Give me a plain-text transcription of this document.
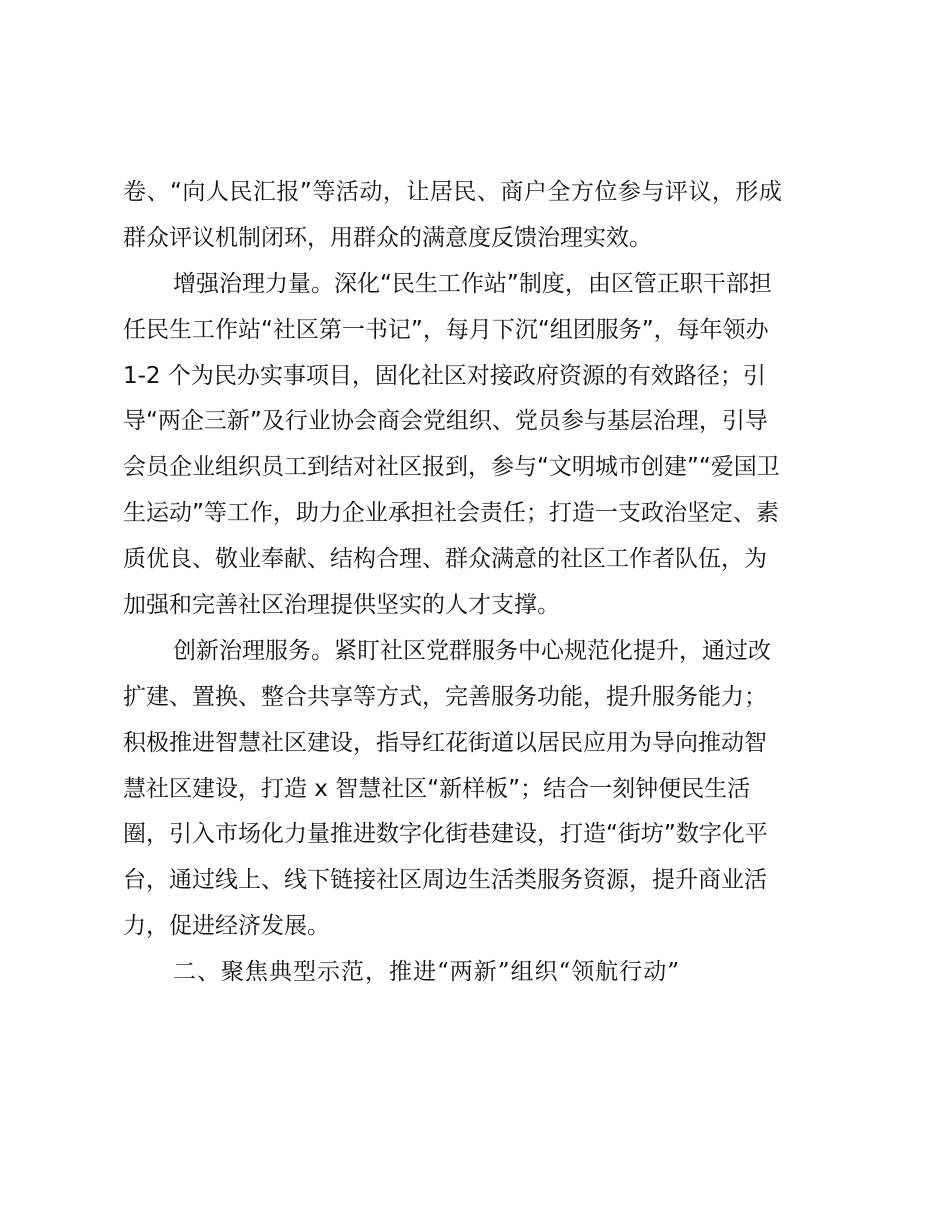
卷、“向人民汇报”等活动，让居民、商户全方位参与评议，形成
群众评议机制闭环，用群众的满意度反馈治理实效。
增强治理力量。深化“民生工作站”制度，由区管正职干部担
任民生工作站“社区第一书记”，每月下沉“组团服务”，每年领办
1-2 个为民办实事项目，固化社区对接政府资源的有效路径；引
导“两企三新”及行业协会商会党组织、党员参与基层治理，引导
会员企业组织员工到结对社区报到，参与“文明城市创建”“爱国卫
生运动”等工作，助力企业承担社会责任；打造一支政治坚定、素
质优良、敬业奉献、结构合理、群众满意的社区工作者队伍，为
加强和完善社区治理提供坚实的人才支撑。
创新治理服务。紧盯社区党群服务中心规范化提升，通过改
扩建、置换、整合共享等方式，完善服务功能，提升服务能力；
积极推进智慧社区建设，指导红花街道以居民应用为导向推动智
慧社区建设，打造 x 智慧社区“新样板”；结合一刻钟便民生活
圈，引入市场化力量推进数字化街巷建设，打造“街坊”数字化平
台，通过线上、线下链接社区周边生活类服务资源，提升商业活
力，促进经济发展。
二、聚焦典型示范，推进“两新”组织“领航行动”
